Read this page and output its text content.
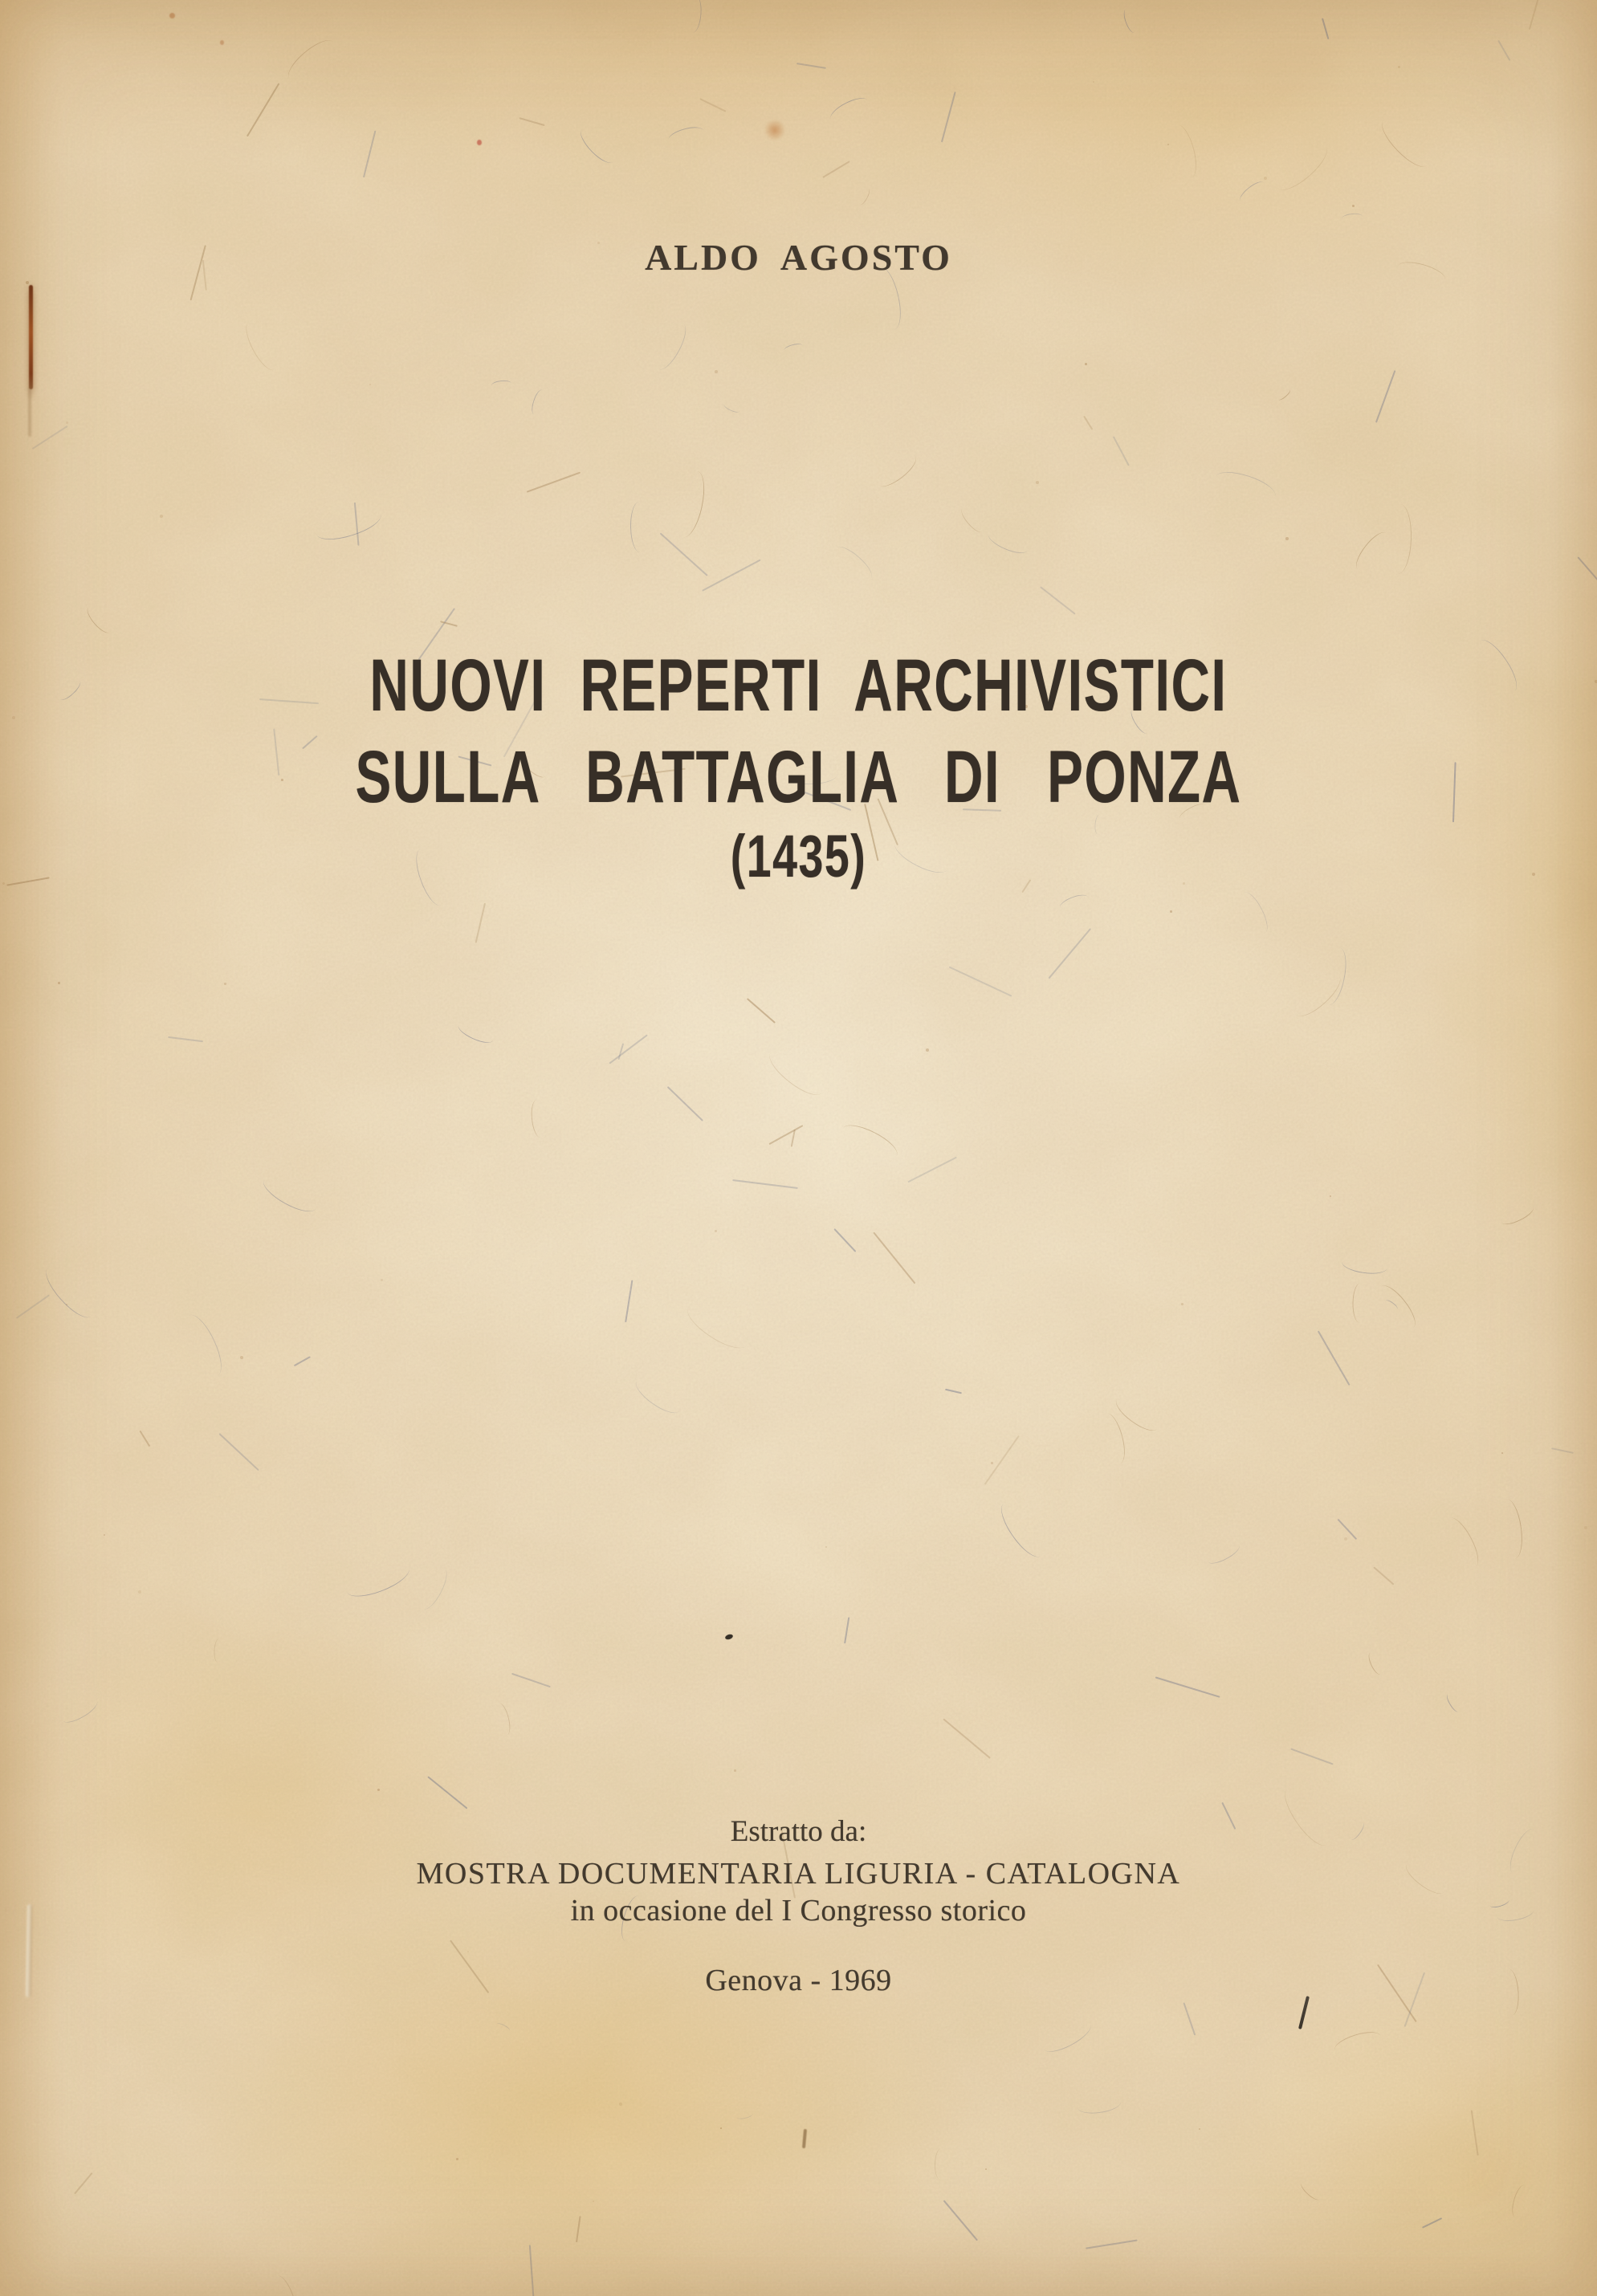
ALDO AGOSTO
NUOVI REPERTI ARCHIVISTICI
SULLA BATTAGLIA DI PONZA
(1435)
Estratto da:
MOSTRA DOCUMENTARIA LIGURIA - CATALOGNA
in occasione del I Congresso storico
Genova - 1969
